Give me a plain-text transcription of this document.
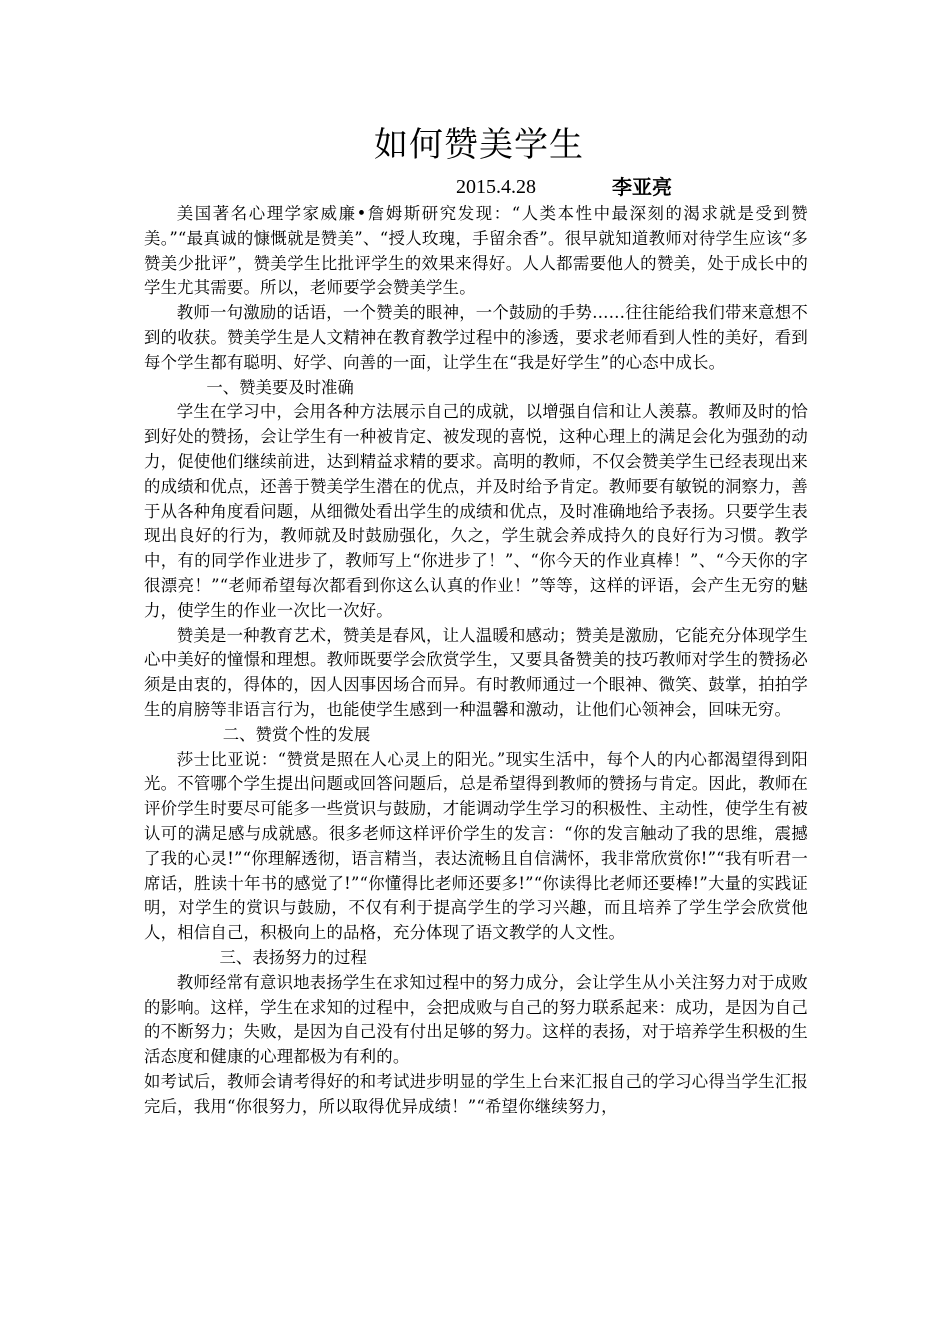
如何赞美学生
2015.4.28	李亚亮

美国著名心理学家威廉•詹姆斯研究发现：“人类本性中最深刻的渴求就是受到赞美。”“最真诚的慷慨就是赞美”、“授人玫瑰，手留余香”。很早就知道教师对待学生应该“多赞美少批评”，赞美学生比批评学生的效果来得好。人人都需要他人的赞美，处于成长中的学生尤其需要。所以，老师要学会赞美学生。

教师一句激励的话语，一个赞美的眼神，一个鼓励的手势……往往能给我们带来意想不到的收获。赞美学生是人文精神在教育教学过程中的渗透，要求老师看到人性的美好，看到每个学生都有聪明、好学、向善的一面，让学生在“我是好学生”的心态中成长。

一、赞美要及时准确

学生在学习中，会用各种方法展示自己的成就，以增强自信和让人羡慕。教师及时的恰到好处的赞扬，会让学生有一种被肯定、被发现的喜悦，这种心理上的满足会化为强劲的动力，促使他们继续前进，达到精益求精的要求。高明的教师，不仅会赞美学生已经表现出来的成绩和优点，还善于赞美学生潜在的优点，并及时给予肯定。教师要有敏锐的洞察力，善于从各种角度看问题，从细微处看出学生的成绩和优点，及时准确地给予表扬。只要学生表现出良好的行为，教师就及时鼓励强化，久之，学生就会养成持久的良好行为习惯。教学中，有的同学作业进步了，教师写上“你进步了！”、“你今天的作业真棒！”、“今天你的字很漂亮！”“老师希望每次都看到你这么认真的作业！”等等，这样的评语，会产生无穷的魅力，使学生的作业一次比一次好。

赞美是一种教育艺术，赞美是春风，让人温暖和感动；赞美是激励，它能充分体现学生心中美好的憧憬和理想。教师既要学会欣赏学生，又要具备赞美的技巧教师对学生的赞扬必须是由衷的，得体的，因人因事因场合而异。有时教师通过一个眼神、微笑、鼓掌，拍拍学生的肩膀等非语言行为，也能使学生感到一种温馨和激动，让他们心领神会，回味无穷。

二、赞赏个性的发展

莎士比亚说：“赞赏是照在人心灵上的阳光。”现实生活中，每个人的内心都渴望得到阳光。不管哪个学生提出问题或回答问题后，总是希望得到教师的赞扬与肯定。因此，教师在评价学生时要尽可能多一些赏识与鼓励，才能调动学生学习的积极性、主动性，使学生有被认可的满足感与成就感。很多老师这样评价学生的发言：“你的发言触动了我的思维，震撼了我的心灵!”“你理解透彻，语言精当，表达流畅且自信满怀，我非常欣赏你!”“我有听君一席话，胜读十年书的感觉了!”“你懂得比老师还要多!”“你读得比老师还要棒!”大量的实践证明，对学生的赏识与鼓励，不仅有利于提高学生的学习兴趣，而且培养了学生学会欣赏他人，相信自己，积极向上的品格，充分体现了语文教学的人文性。

三、表扬努力的过程

教师经常有意识地表扬学生在求知过程中的努力成分，会让学生从小关注努力对于成败的影响。这样，学生在求知的过程中，会把成败与自己的努力联系起来：成功，是因为自己的不断努力；失败，是因为自己没有付出足够的努力。这样的表扬，对于培养学生积极的生活态度和健康的心理都极为有利的。

如考试后，教师会请考得好的和考试进步明显的学生上台来汇报自己的学习心得当学生汇报完后，我用“你很努力，所以取得优异成绩！”“希望你继续努力，
